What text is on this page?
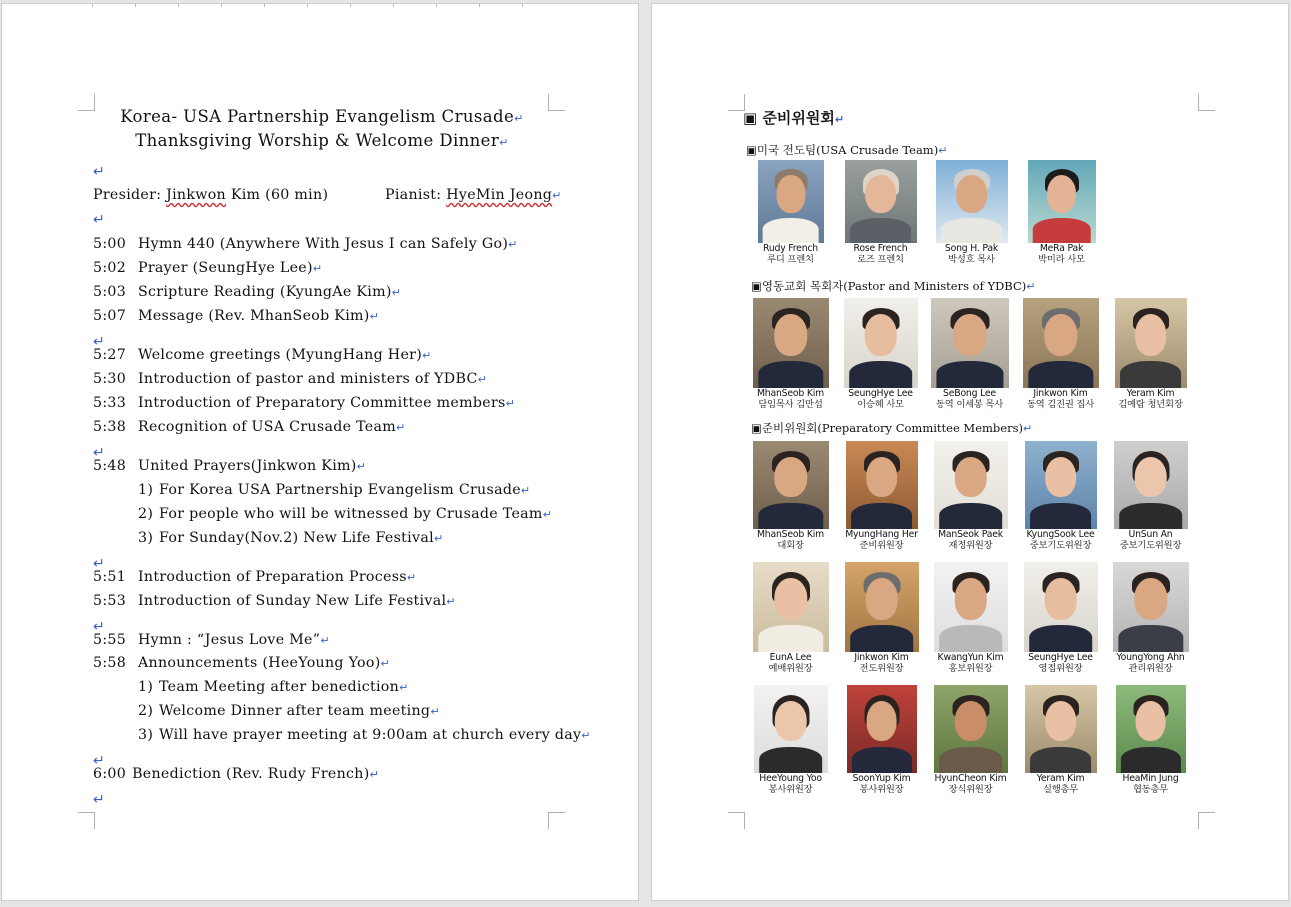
Korea- USA Partnership Evangelism Crusade↵
Thanksgiving Worship & Welcome Dinner↵
↵
Presider: Jinkwon Kim (60 min)	Pianist: HyeMin Jeong↵
↵
5:00 Hymn 440 (Anywhere With Jesus I can Safely Go)↵
5:02 Prayer (SeungHye Lee)↵
5:03 Scripture Reading (KyungAe Kim)↵
5:07 Message (Rev. MhanSeob Kim)↵
↵
5:27 Welcome greetings (MyungHang Her)↵
5:30 Introduction of pastor and ministers of YDBC↵
5:33 Introduction of Preparatory Committee members↵
5:38 Recognition of USA Crusade Team↵
↵
5:48 United Prayers(Jinkwon Kim)↵
1) For Korea USA Partnership Evangelism Crusade↵
2) For people who will be witnessed by Crusade Team↵
3) For Sunday(Nov.2) New Life Festival↵
↵
5:51 Introduction of Preparation Process↵
5:53 Introduction of Sunday New Life Festival↵
↵
5:55 Hymn : “Jesus Love Me”↵
5:58 Announcements (HeeYoung Yoo)↵
1) Team Meeting after benediction↵
2) Welcome Dinner after team meeting↵
3) Will have prayer meeting at 9:00am at church every day↵
↵
6:00 Benediction (Rev. Rudy French)↵
↵
▣ 준비위원회↵
▣미국 전도팀(USA Crusade Team)↵
▣영동교회 목회자(Pastor and Ministers of YDBC)↵
▣준비위원회(Preparatory Committee Members)↵
Rudy French
루디 프렌치
Rose French
로즈 프렌치
Song H. Pak
박성호 목사
MeRa Pak
박미라 사모
MhanSeob Kim
담임목사 김만섭
SeungHye Lee
이승혜 사모
SeBong Lee
동역 이세봉 목사
Jinkwon Kim
동역 김진권 집사
Yeram Kim
김예람 청년회장
MhanSeob Kim
대회장
MyungHang Her
준비위원장
ManSeok Paek
재정위원장
KyungSook Lee
중보기도위원장
UnSun An
중보기도위원장
EunA Lee
예배위원장
Jinkwon Kim
전도위원장
KwangYun Kim
홍보위원장
SeungHye Lee
영접위원장
YoungYong Ahn
관리위원장
HeeYoung Yoo
봉사위원장
SoonYup Kim
봉사위원장
HyunCheon Kim
장식위원장
Yeram Kim
실행총무
HeaMin Jung
협동총무
